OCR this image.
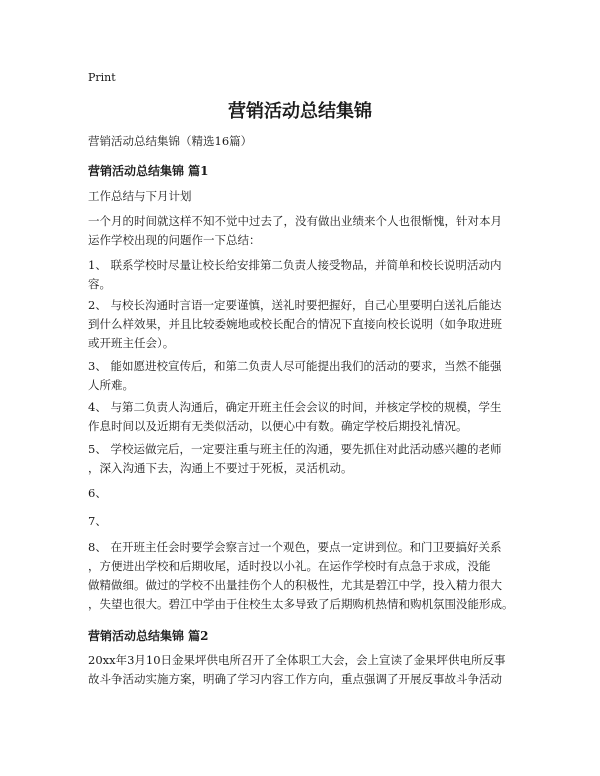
Print
营销活动总结集锦
营销活动总结集锦（精选16篇）
营销活动总结集锦 篇1
工作总结与下月计划
一个月的时间就这样不知不觉中过去了，没有做出业绩来个人也很惭愧，针对本月
运作学校出现的问题作一下总结：
1、 联系学校时尽量让校长给安排第二负责人接受物品，并简单和校长说明活动内
容。
2、 与校长沟通时言语一定要谨慎，送礼时要把握好，自己心里要明白送礼后能达
到什么样效果，并且比较委婉地或校长配合的情况下直接向校长说明（如争取进班
或开班主任会）。
3、 能如愿进校宣传后，和第二负责人尽可能提出我们的活动的要求，当然不能强
人所难。
4、 与第二负责人沟通后，确定开班主任会会议的时间，并核定学校的规模，学生
作息时间以及近期有无类似活动，以便心中有数。确定学校后期投礼情况。
5、 学校运做完后，一定要注重与班主任的沟通，要先抓住对此活动感兴趣的老师
，深入沟通下去，沟通上不要过于死板，灵活机动。
6、
7、
8、 在开班主任会时要学会察言过一个观色，要点一定讲到位。和门卫要搞好关系
，方便进出学校和后期收尾，适时投以小礼。在运作学校时有点急于求成，没能
做精做细。做过的学校不出量挂伤个人的积极性，尤其是碧江中学，投入精力很大
，失望也很大。碧江中学由于住校生太多导致了后期购机热情和购机氛围没能形成。
营销活动总结集锦 篇2
20xx年3月10日金果坪供电所召开了全体职工大会，会上宣读了金果坪供电所反事
故斗争活动实施方案，明确了学习内容工作方向，重点强调了开展反事故斗争活动
